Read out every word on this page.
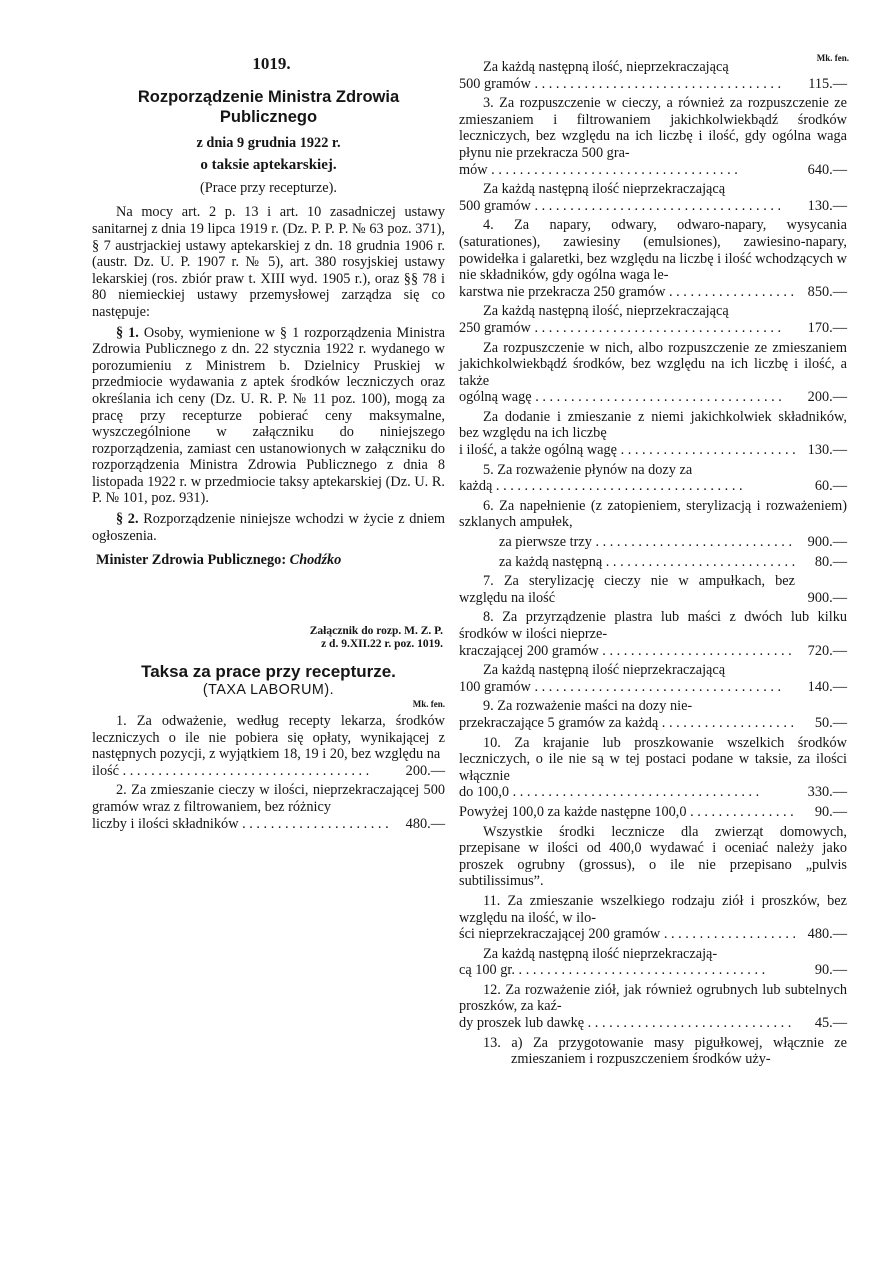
1019.
Rozporządzenie Ministra Zdrowia
Publicznego
z dnia 9 grudnia 1922 r.
o taksie aptekarskiej.
(Prace przy recepturze).

Na mocy art. 2 p. 13 i art. 10 zasadniczej ustawy sanitarnej z dnia 19 lipca 1919 r. (Dz. P. P. P. № 63 poz. 371), § 7 austrjackiej ustawy aptekarskiej z dn. 18 grudnia 1906 r. (austr. Dz. U. P. 1907 r. № 5), art. 380 rosyjskiej ustawy lekarskiej (ros. zbiór praw t. XIII wyd. 1905 r.), oraz §§ 78 i 80 niemieckiej ustawy przemysłowej zarządza się co następuje:

§ 1. Osoby, wymienione w § 1 rozporządzenia Ministra Zdrowia Publicznego z dn. 22 stycznia 1922 r. wydanego w porozumieniu z Ministrem b. Dzielnicy Pruskiej w przedmiocie wydawania z aptek środków leczniczych oraz określania ich ceny (Dz. U. R. P. № 11 poz. 100), mogą za pracę przy recepturze pobierać ceny maksymalne, wyszczególnione w załączniku do niniejszego rozporządzenia, zamiast cen ustanowionych w załączniku do rozporządzenia Ministra Zdrowia Publicznego z dnia 8 listopada 1922 r. w przedmiocie taksy aptekarskiej (Dz. U. R. P. № 101, poz. 931).

§ 2. Rozporządzenie niniejsze wchodzi w życie z dniem ogłoszenia.

Minister Zdrowia Publicznego: Chodźko

Załącznik do rozp. M. Z. P.
z d. 9.XII.22 r. poz. 1019.
Taksa za prace przy recepturze.
(TAXA LABORUM).
Mk. fen.

1. Za odważenie, według recepty lekarza, środków leczniczych o ile nie pobiera się opłaty, wynikającej z następnych pozycji, z wyjątkiem 18, 19 i 20, bez względu na

ilość . . .	200.—

2. Za zmieszanie cieczy w ilości, nieprzekraczającej 500 gramów wraz z filtrowaniem, bez różnicy

liczby i ilości składników . . .	480.—
Mk. fen.

Za każdą następną ilość, nieprzekraczającą

500 gramów . . .	115.—

3. Za rozpuszczenie w cieczy, a również za rozpuszczenie ze zmieszaniem i filtrowaniem jakichkolwiekbądź środków leczniczych, bez względu na ich liczbę i ilość, gdy ogólna waga płynu nie przekracza 500 gra-

mów . . .	640.—

Za każdą następną ilość nieprzekraczającą

500 gramów . . .	130.—

4. Za napary, odwary, odwaro-napary, wysycania (saturationes), zawiesiny (emulsiones), zawiesino-napary, powidełka i galaretki, bez względu na liczbę i ilość wchodzących w nie składników, gdy ogólna waga le-

karstwa nie przekracza 250 gramów . . .	850.—

Za każdą następną ilość, nieprzekraczającą

250 gramów . . .	170.—

Za rozpuszczenie w nich, albo rozpuszczenie ze zmieszaniem jakichkolwiekbądź środków, bez względu na ich liczbę i ilość, a także

ogólną wagę . . .	200.—

Za dodanie i zmieszanie z niemi jakichkolwiek składników, bez względu na ich liczbę

i ilość, a także ogólną wagę . . .	130.—

5. Za rozważenie płynów na dozy za

każdą . . .	60.—

6. Za napełnienie (z zatopieniem, sterylizacją i rozważeniem) szklanych ampułek,

za pierwsze trzy . . .	900.—
za każdą następną . . .	80.—

7. Za sterylizację cieczy nie w ampułkach, bez względu na ilość	900.—

8. Za przyrządzenie plastra lub maści z dwóch lub kilku środków w ilości nieprze-

kraczającej 200 gramów . . .	720.—

Za każdą następną ilość nieprzekraczającą

100 gramów . . .	140.—

9. Za rozważenie maści na dozy nie-

przekraczające 5 gramów za każdą . . .	50.—

10. Za krajanie lub proszkowanie wszelkich środków leczniczych, o ile nie są w tej postaci podane w taksie, za ilości włącznie

do 100,0 . . .	330.—
Powyżej 100,0 za każde następne 100,0 . . .	90.—

Wszystkie środki lecznicze dla zwierząt domowych, przepisane w ilości od 400,0 wydawać i oceniać należy jako proszek ogrubny (grossus), o ile nie przepisano „pulvis subtilissimus”.

11. Za zmieszanie wszelkiego rodzaju ziół i proszków, bez względu na ilość, w ilo-

ści nieprzekraczającej 200 gramów . . .	480.—

Za każdą następną ilość nieprzekraczają-

cą 100 gr. . . .	90.—

12. Za rozważenie ziół, jak również ogrubnych lub subtelnych proszków, za kaź-

dy proszek lub dawkę . . .	45.—

13. a) Za przygotowanie masy pigułkowej, włącznie ze zmieszaniem i rozpuszczeniem środków uży-
